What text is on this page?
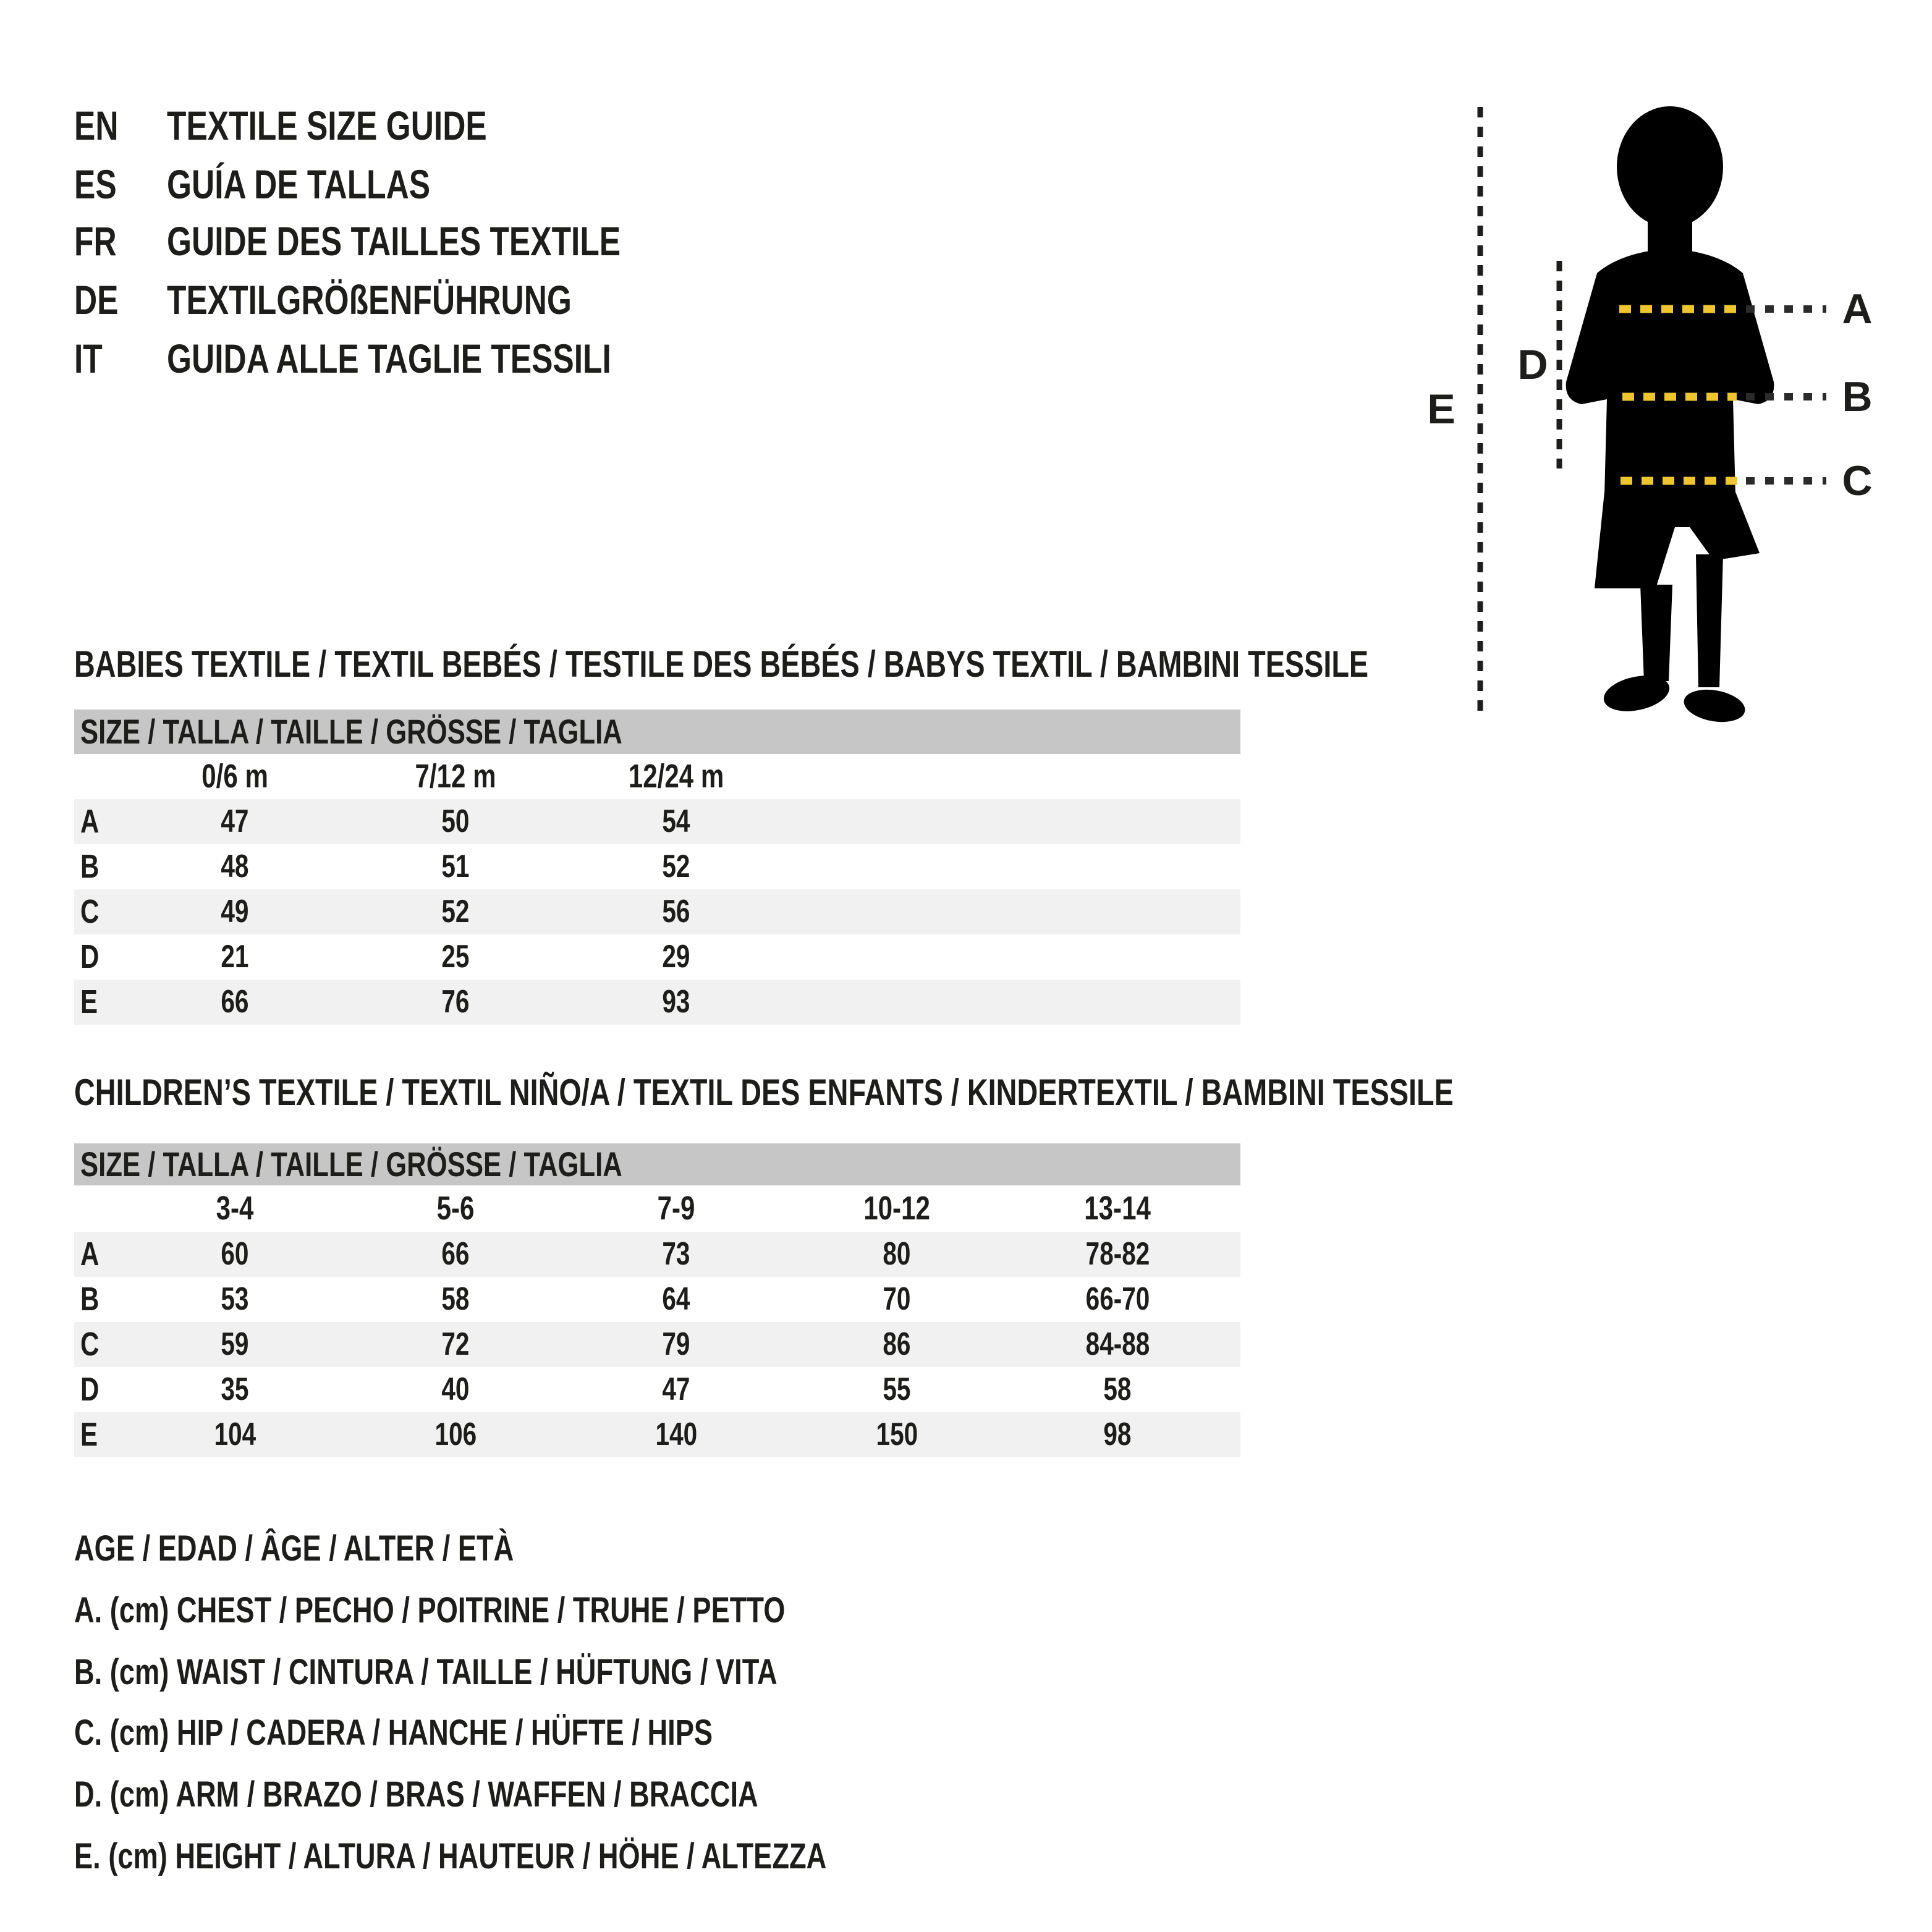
EN	TEXTILE SIZE GUIDE
ES GUÍA DE TALLAS
FR GUIDE DES TAILLES TEXTILE
DE	TEXTILGRÖßENFÜHRUNG
IT GUIDA ALLE TAGLIE TESSILI
A
B
C
D
E
BABIES TEXTILE / TEXTIL BEBÉS / TESTILE DES BÉBÉS / BABYS TEXTIL / BAMBINI TESSILE
SIZE / TALLA / TAILLE / GRÖSSE / TAGLIA
0/6 m	7/12 m	12/24 m
A	47	50	54
B	48	51	52
C	49	52	56
D	21	25	29
E	66	76	93
CHILDREN’S TEXTILE / TEXTIL NIÑO/A / TEXTIL DES ENFANTS / KINDERTEXTIL / BAMBINI TESSILE
SIZE / TALLA / TAILLE / GRÖSSE / TAGLIA
3-4	5-6	7-9	10-12	13-14
A	60	66	73	80	78-82
B	53	58	64	70	66-70
C	59	72	79	86	84-88
D	35	40	47	55	58
E	104	106	140	150	98
AGE / EDAD / ÂGE / ALTER / ETÀ
A. (cm) CHEST / PECHO / POITRINE / TRUHE / PETTO
B. (cm) WAIST / CINTURA / TAILLE / HÜFTUNG / VITA
C. (cm) HIP / CADERA / HANCHE / HÜFTE / HIPS
D. (cm) ARM / BRAZO / BRAS / WAFFEN / BRACCIA
E. (cm) HEIGHT / ALTURA / HAUTEUR / HÖHE / ALTEZZA
